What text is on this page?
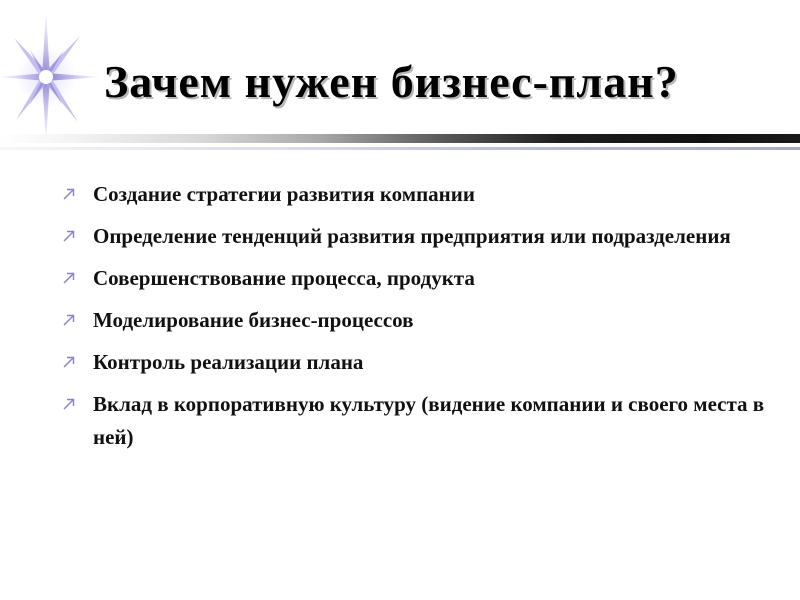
Зачем нужен бизнес-план?
Создание стратегии развития компании
Определение тенденций развития предприятия или подразделения
Совершенствование процесса, продукта
Моделирование бизнес-процессов
Контроль реализации плана
Вклад в корпоративную культуру (видение компании и своего места в ней)
